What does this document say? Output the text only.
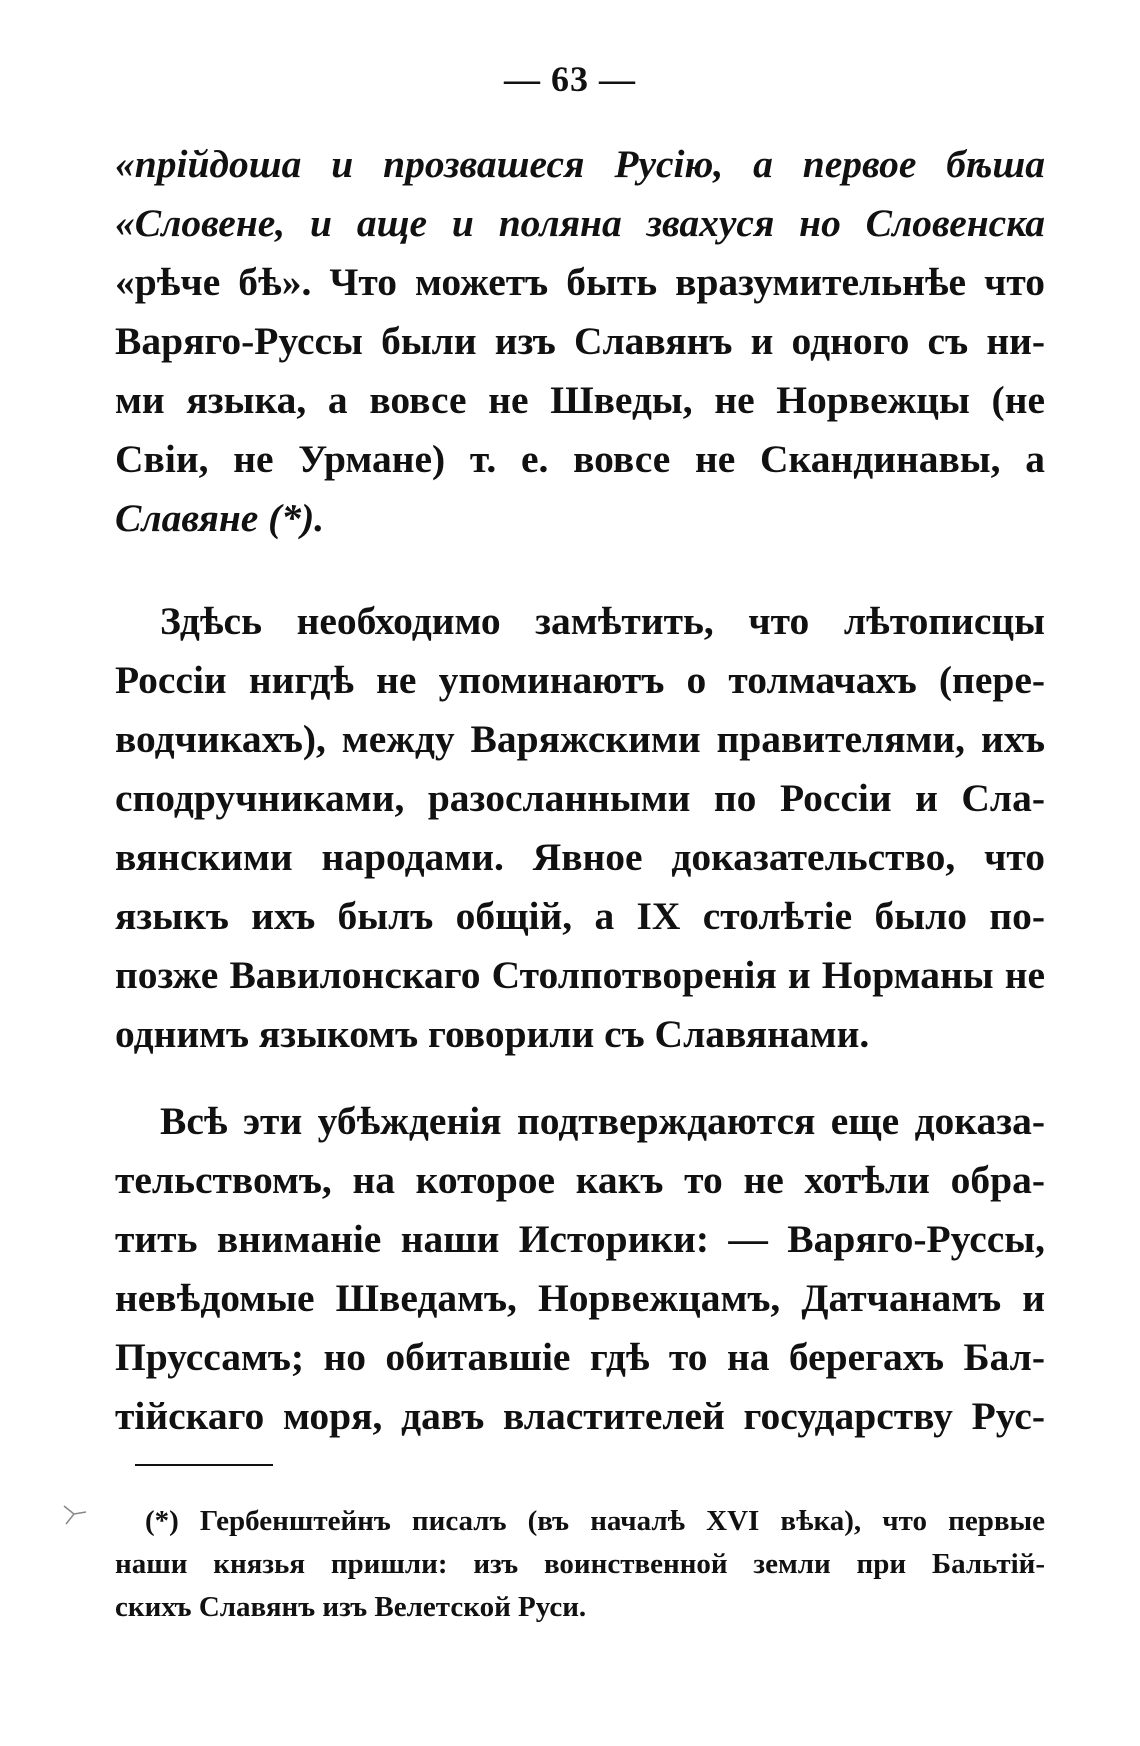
— 63 —
«прійдоша и прозвашеся Русію, а первое бѣша
«Словене, и аще и поляна звахуся но Словенска
«рѣче бѣ». Что можетъ быть вразумительнѣе что
Варяго-Руссы были изъ Славянъ и одного съ ни-
ми языка, а вовсе не Шведы, не Норвежцы (не
Свіи, не Урмане) т. е. вовсе не Скандинавы, а
Славяне (*).
Здѣсь необходимо замѣтить, что лѣтописцы
Россіи нигдѣ не упоминаютъ о толмачахъ (пере-
водчикахъ), между Варяжскими правителями, ихъ
сподручниками, разосланными по Россіи и Сла-
вянскими народами. Явное доказательство, что
языкъ ихъ былъ общій, а IX столѣтіе было по-
позже Вавилонскаго Столпотворенія и Норманы не
однимъ языкомъ говорили съ Славянами.
Всѣ эти убѣжденія подтверждаются еще доказа-
тельствомъ, на которое какъ то не хотѣли обра-
тить вниманіе наши Историки: — Варяго-Руссы,
невѣдомые Шведамъ, Норвежцамъ, Датчанамъ и
Пруссамъ; но обитавшіе гдѣ то на берегахъ Бал-
тійскаго моря, давъ властителей государству Рус-
(*) Гербенштейнъ писалъ (въ началѣ XVI вѣка), что первые
наши князья пришли: изъ воинственной земли при Бальтій-
скихъ Славянъ изъ Велетской Руси.
